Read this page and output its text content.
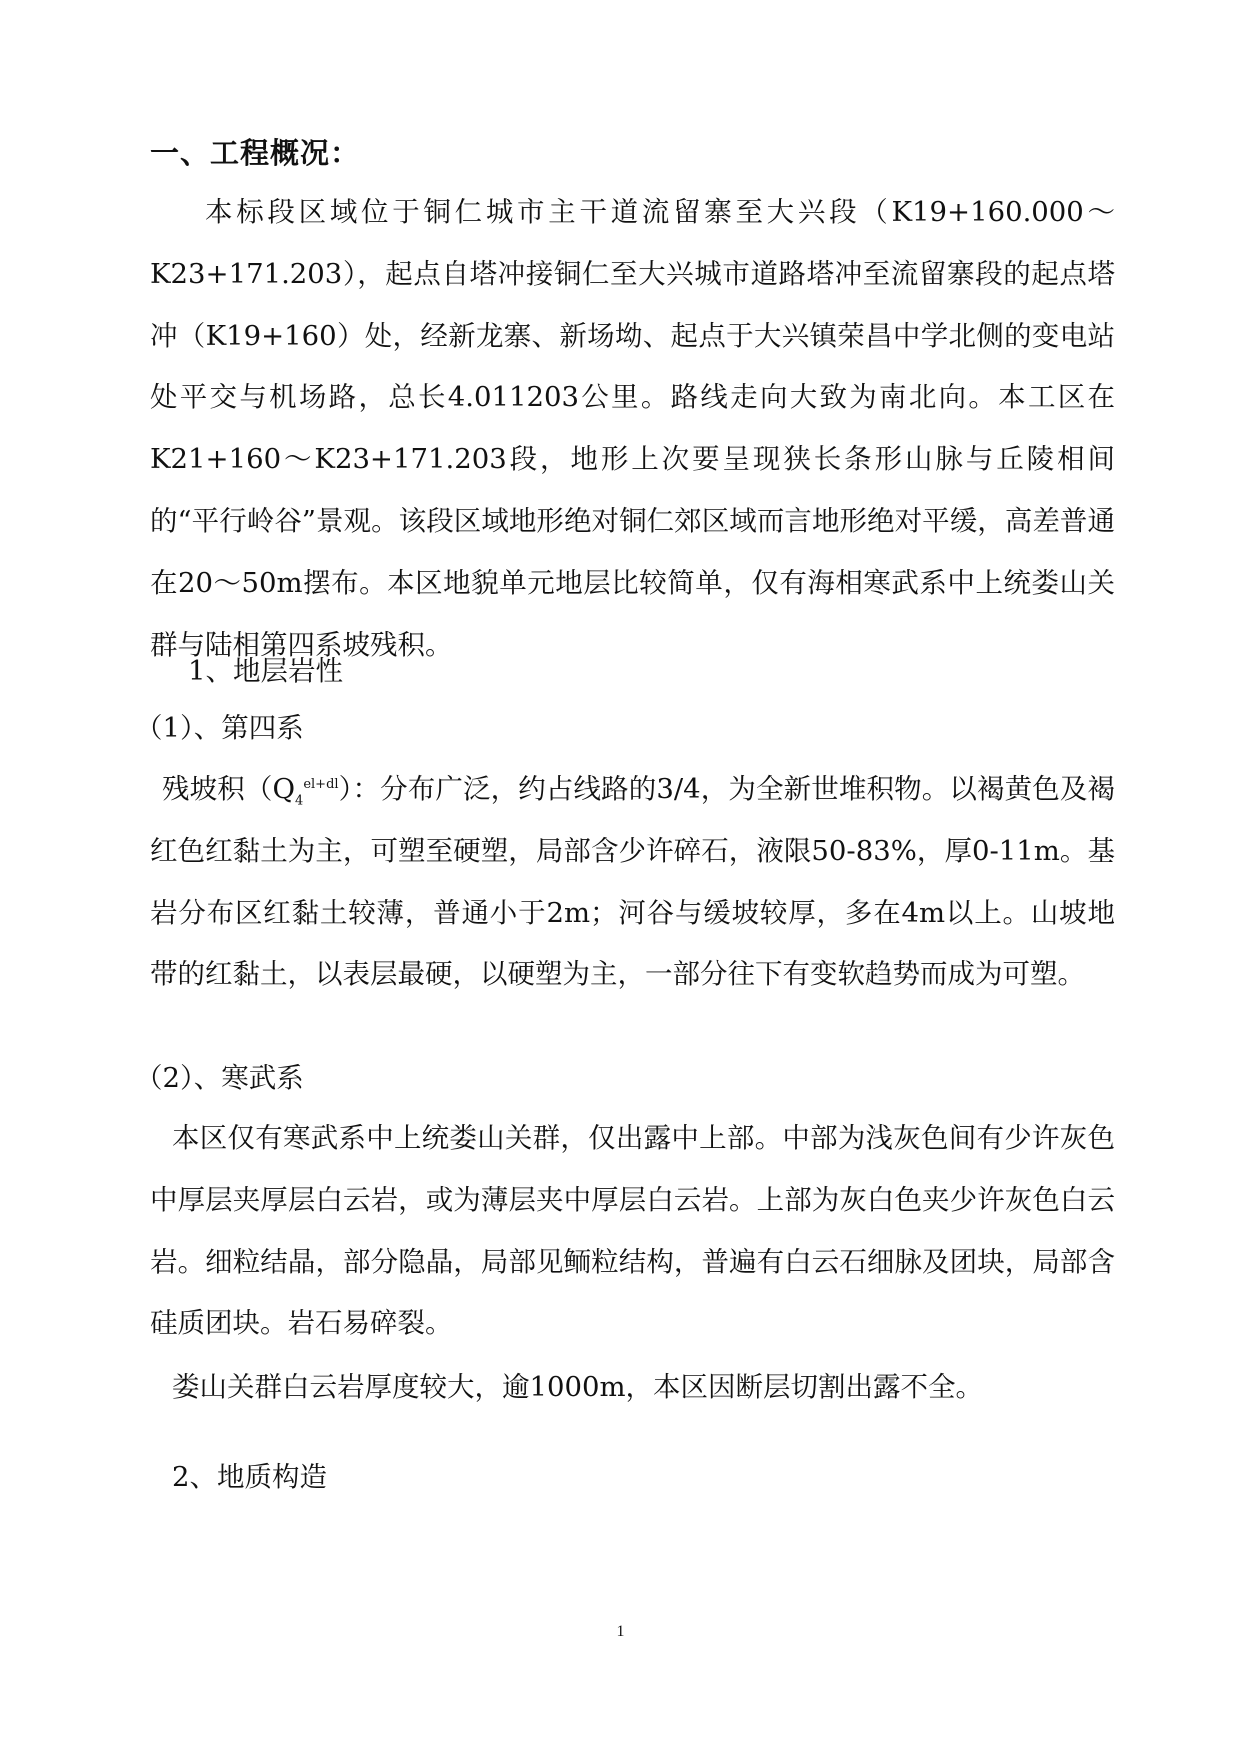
一、工程概况：
本标段区域位于铜仁城市主干道流留寨至大兴段（K19+160.000～K23+171.203），起点自塔冲接铜仁至大兴城市道路塔冲至流留寨段的起点塔冲（K19+160）处，经新龙寨、新场坳、起点于大兴镇荣昌中学北侧的变电站处平交与机场路，总长4.011203公里。路线走向大致为南北向。本工区在K21+160～K23+171.203段，地形上次要呈现狭长条形山脉与丘陵相间的“平行岭谷”景观。该段区域地形绝对铜仁郊区域而言地形绝对平缓，高差普通在20～50m摆布。本区地貌单元地层比较简单，仅有海相寒武系中上统娄山关群与陆相第四系坡残积。
1、地层岩性
（1）、第四系
残坡积$(Q_4^{el+dl})$：分布广泛，约占线路的3/4，为全新世堆积物。以褐黄色及褐红色红黏土为主，可塑至硬塑，局部含少许碎石，液限50-83%，厚0-11m。基岩分布区红黏土较薄，普通小于2m；河谷与缓坡较厚，多在4m以上。山坡地带的红黏土，以表层最硬，以硬塑为主，一部分往下有变软趋势而成为可塑。
（2）、寒武系
本区仅有寒武系中上统娄山关群，仅出露中上部。中部为浅灰色间有少许灰色中厚层夹厚层白云岩，或为薄层夹中厚层白云岩。上部为灰白色夹少许灰色白云岩。细粒结晶，部分隐晶，局部见鲕粒结构，普遍有白云石细脉及团块，局部含硅质团块。岩石易碎裂。
娄山关群白云岩厚度较大，逾1000m，本区因断层切割出露不全。
2、地质构造
1
